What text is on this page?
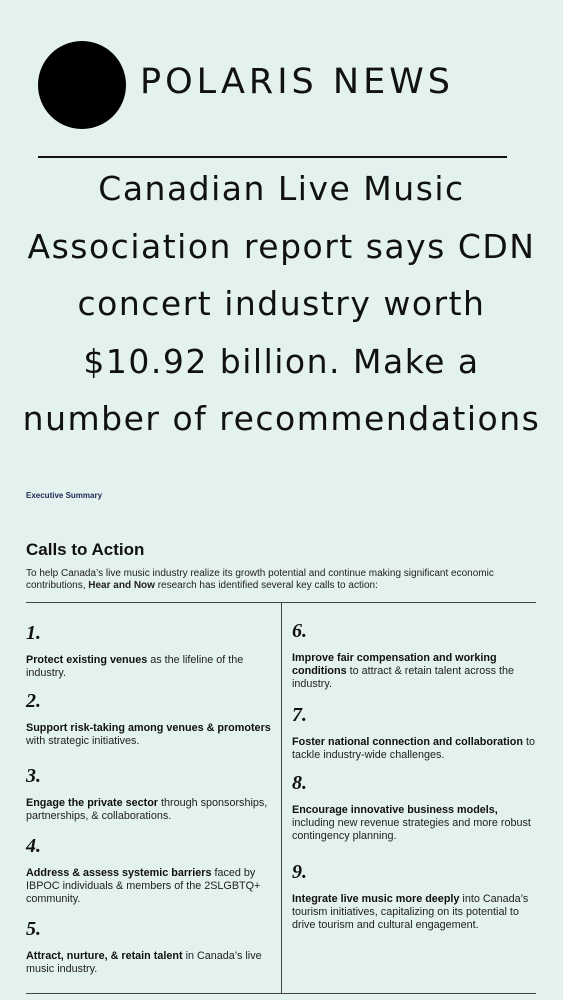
POLARIS NEWS
Canadian Live Music Association report says CDN concert industry worth $10.92 billion. Make a number of recommendations
Executive Summary
Calls to Action
To help Canada’s live music industry realize its growth potential and continue making significant economic contributions, Hear and Now research has identified several key calls to action:
1.
Protect existing venues as the lifeline of the industry.
2.
Support risk-taking among venues & promoters with strategic initiatives.
3.
Engage the private sector through sponsorships, partnerships, & collaborations.
4.
Address & assess systemic barriers faced by IBPOC individuals & members of the 2SLGBTQ+ community.
5.
Attract, nurture, & retain talent in Canada’s live music industry.
6.
Improve fair compensation and working conditions to attract & retain talent across the industry.
7.
Foster national connection and collaboration to tackle industry-wide challenges.
8.
Encourage innovative business models, including new revenue strategies and more robust contingency planning.
9.
Integrate live music more deeply into Canada’s tourism initiatives, capitalizing on its potential to drive tourism and cultural engagement.
